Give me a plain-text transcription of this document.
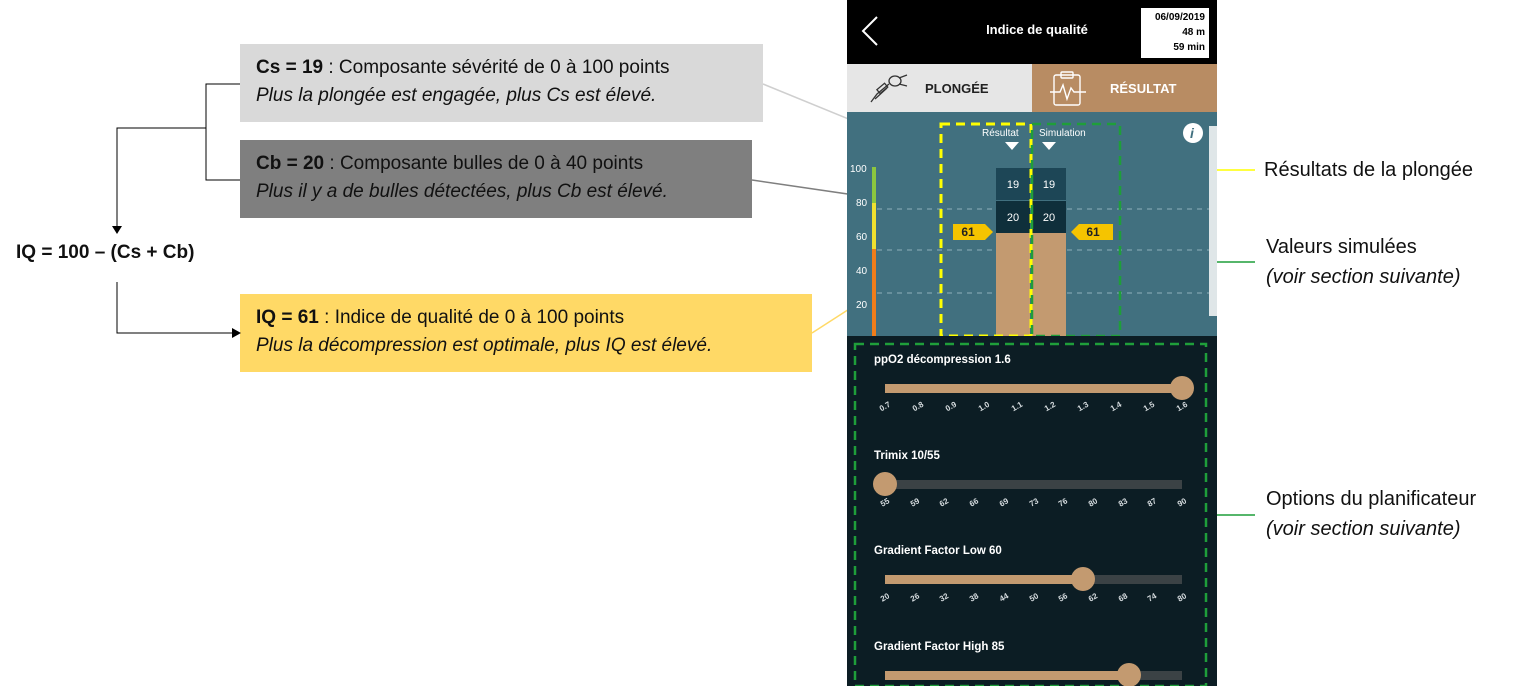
Cs = 19 : Composante sévérité de 0 à 100 points
Plus la plongée est engagée, plus Cs est élevé.
Cb = 20 : Composante bulles de 0 à 40 points
Plus il y a de bulles détectées, plus Cb est élevé.
IQ = 61 : Indice de qualité de 0 à 100 points
Plus la décompression est optimale, plus IQ est élevé.
IQ = 100 – (Cs + Cb)
Résultats de la plongée
Valeurs simulées
(voir section suivante)
Options du planificateur
(voir section suivante)
Indice de qualité
06/09/2019
48 m
59 min
PLONGÉE	RÉSULTAT
100
80
60
40
20
Résultat Simulation	i
19
20
19
20
61	61
ppO2 décompression 1.6
0.7	0.8	0.9	1.0	1.1	1.2	1.3	1.4	1.5	1.6
Trimix 10/55
55	59	62	66	69	73	76	80	83	87	90
Gradient Factor Low 60
20	26	32	38	44	50	56	62	68	74	80
Gradient Factor High 85
